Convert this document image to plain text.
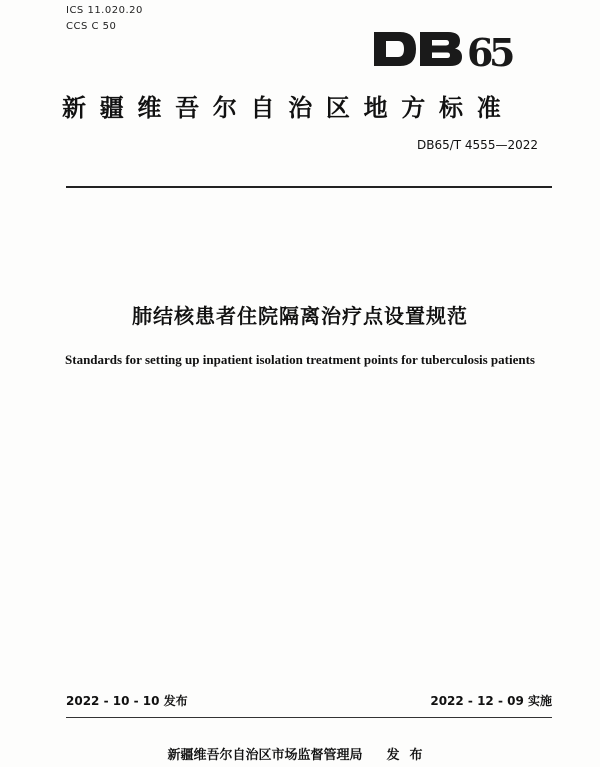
ICS 11.020.20
CCS C 50
6
5
新疆维吾尔自治区地方标准
DB65/T 4555—2022
肺结核患者住院隔离治疗点设置规范
Standards for setting up inpatient isolation treatment points for tuberculosis patients
2022 - 10 - 10 发布	2022 - 12 - 09 实施
新疆维吾尔自治区市场监督管理局 发布
